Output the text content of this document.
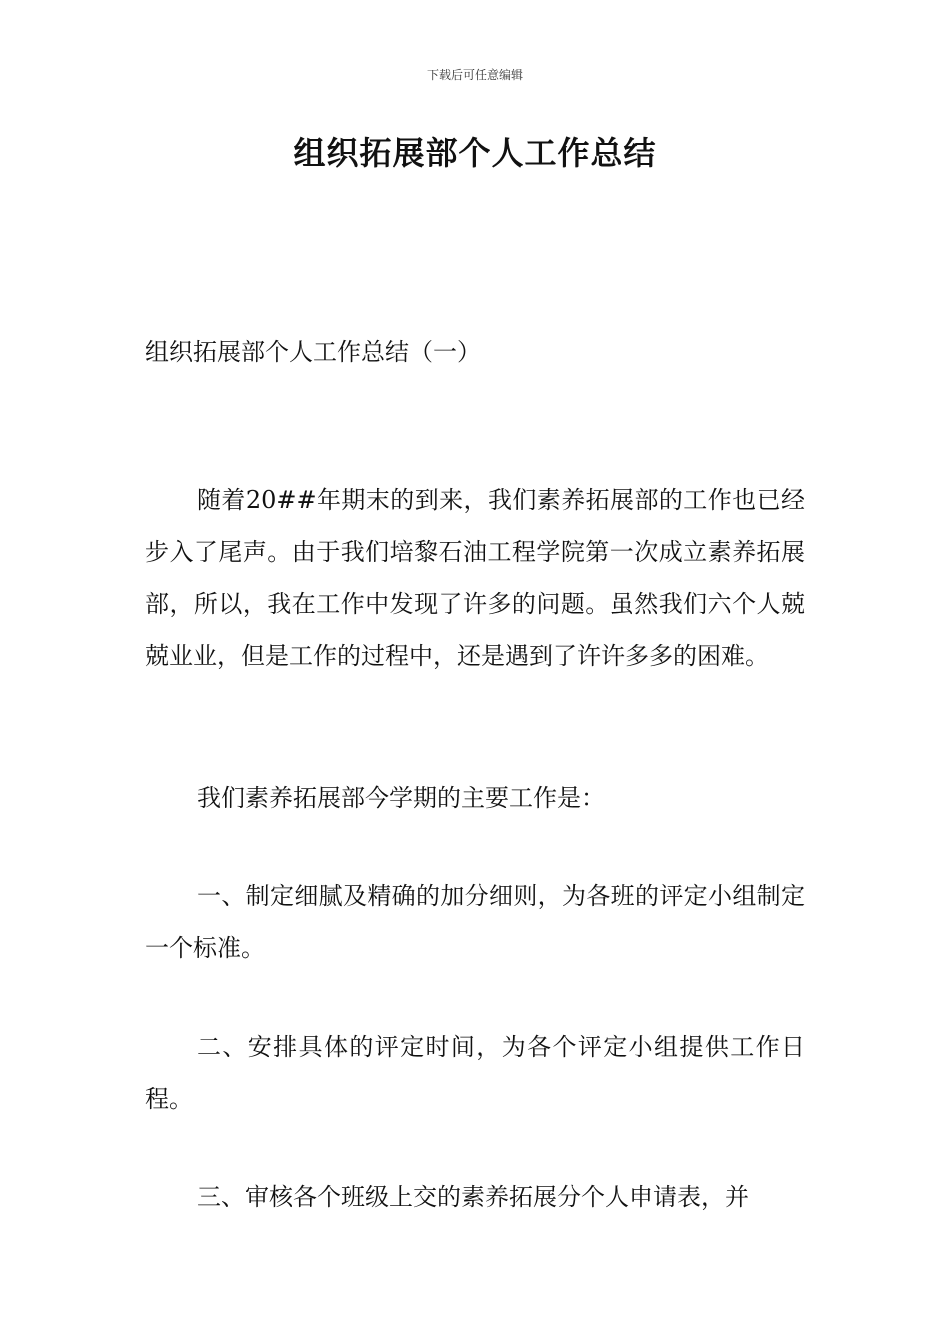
下载后可任意编辑
组织拓展部个人工作总结
组织拓展部个人工作总结（一）

随着20##年期末的到来，我们素养拓展部的工作也已经步入了尾声。由于我们培黎石油工程学院第一次成立素养拓展部，所以，我在工作中发现了许多的问题。虽然我们六个人兢兢业业，但是工作的过程中，还是遇到了许许多多的困难。

我们素养拓展部今学期的主要工作是：

一、制定细腻及精确的加分细则，为各班的评定小组制定一个标准。

二、安排具体的评定时间，为各个评定小组提供工作日程。

三、审核各个班级上交的素养拓展分个人申请表，并
